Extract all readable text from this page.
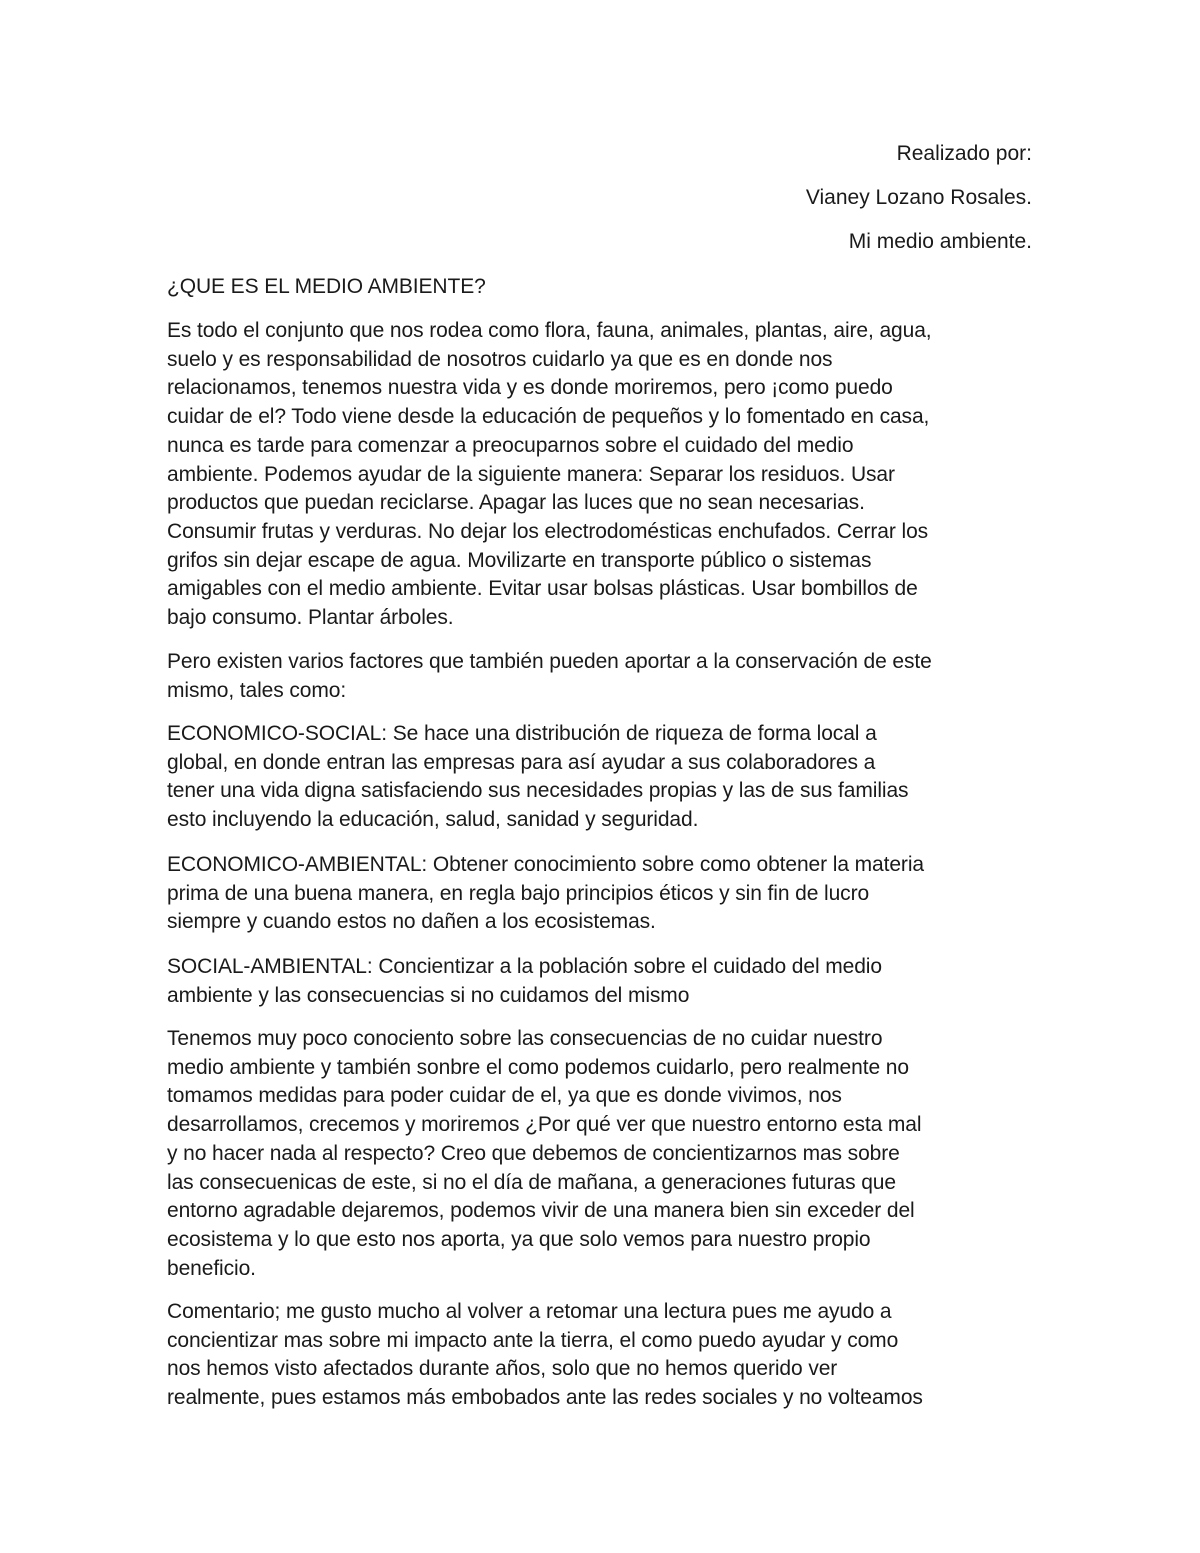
Realizado por:
Vianey Lozano Rosales.
Mi medio ambiente.
¿QUE ES EL MEDIO AMBIENTE?
Es todo el conjunto que nos rodea como flora, fauna, animales, plantas, aire, agua,
suelo y es responsabilidad de nosotros cuidarlo ya que es en donde nos
relacionamos, tenemos nuestra vida y es donde moriremos, pero ¡como puedo
cuidar de el? Todo viene desde la educación de pequeños y lo fomentado en casa,
nunca es tarde para comenzar a preocuparnos sobre el cuidado del medio
ambiente. Podemos ayudar de la siguiente manera: Separar los residuos. Usar
productos que puedan reciclarse. Apagar las luces que no sean necesarias.
Consumir frutas y verduras. No dejar los electrodomésticas enchufados. Cerrar los
grifos sin dejar escape de agua. Movilizarte en transporte público o sistemas
amigables con el medio ambiente. Evitar usar bolsas plásticas. Usar bombillos de
bajo consumo. Plantar árboles.
Pero existen varios factores que también pueden aportar a la conservación de este
mismo, tales como:
ECONOMICO-SOCIAL: Se hace una distribución de riqueza de forma local a
global, en donde entran las empresas para así ayudar a sus colaboradores a
tener una vida digna satisfaciendo sus necesidades propias y las de sus familias
esto incluyendo la educación, salud, sanidad y seguridad.
ECONOMICO-AMBIENTAL: Obtener conocimiento sobre como obtener la materia
prima de una buena manera, en regla bajo principios éticos y sin fin de lucro
siempre y cuando estos no dañen a los ecosistemas.
SOCIAL-AMBIENTAL: Concientizar a la población sobre el cuidado del medio
ambiente y las consecuencias si no cuidamos del mismo
Tenemos muy poco conociento sobre las consecuencias de no cuidar nuestro
medio ambiente y también sonbre el como podemos cuidarlo, pero realmente no
tomamos medidas para poder cuidar de el, ya que es donde vivimos, nos
desarrollamos, crecemos y moriremos ¿Por qué ver que nuestro entorno esta mal
y no hacer nada al respecto? Creo que debemos de concientizarnos mas sobre
las consecuenicas de este, si no el día de mañana, a generaciones futuras que
entorno agradable dejaremos, podemos vivir de una manera bien sin exceder del
ecosistema y lo que esto nos aporta, ya que solo vemos para nuestro propio
beneficio.
Comentario; me gusto mucho al volver a retomar una lectura pues me ayudo a
concientizar mas sobre mi impacto ante la tierra, el como puedo ayudar y como
nos hemos visto afectados durante años, solo que no hemos querido ver
realmente, pues estamos más embobados ante las redes sociales y no volteamos
